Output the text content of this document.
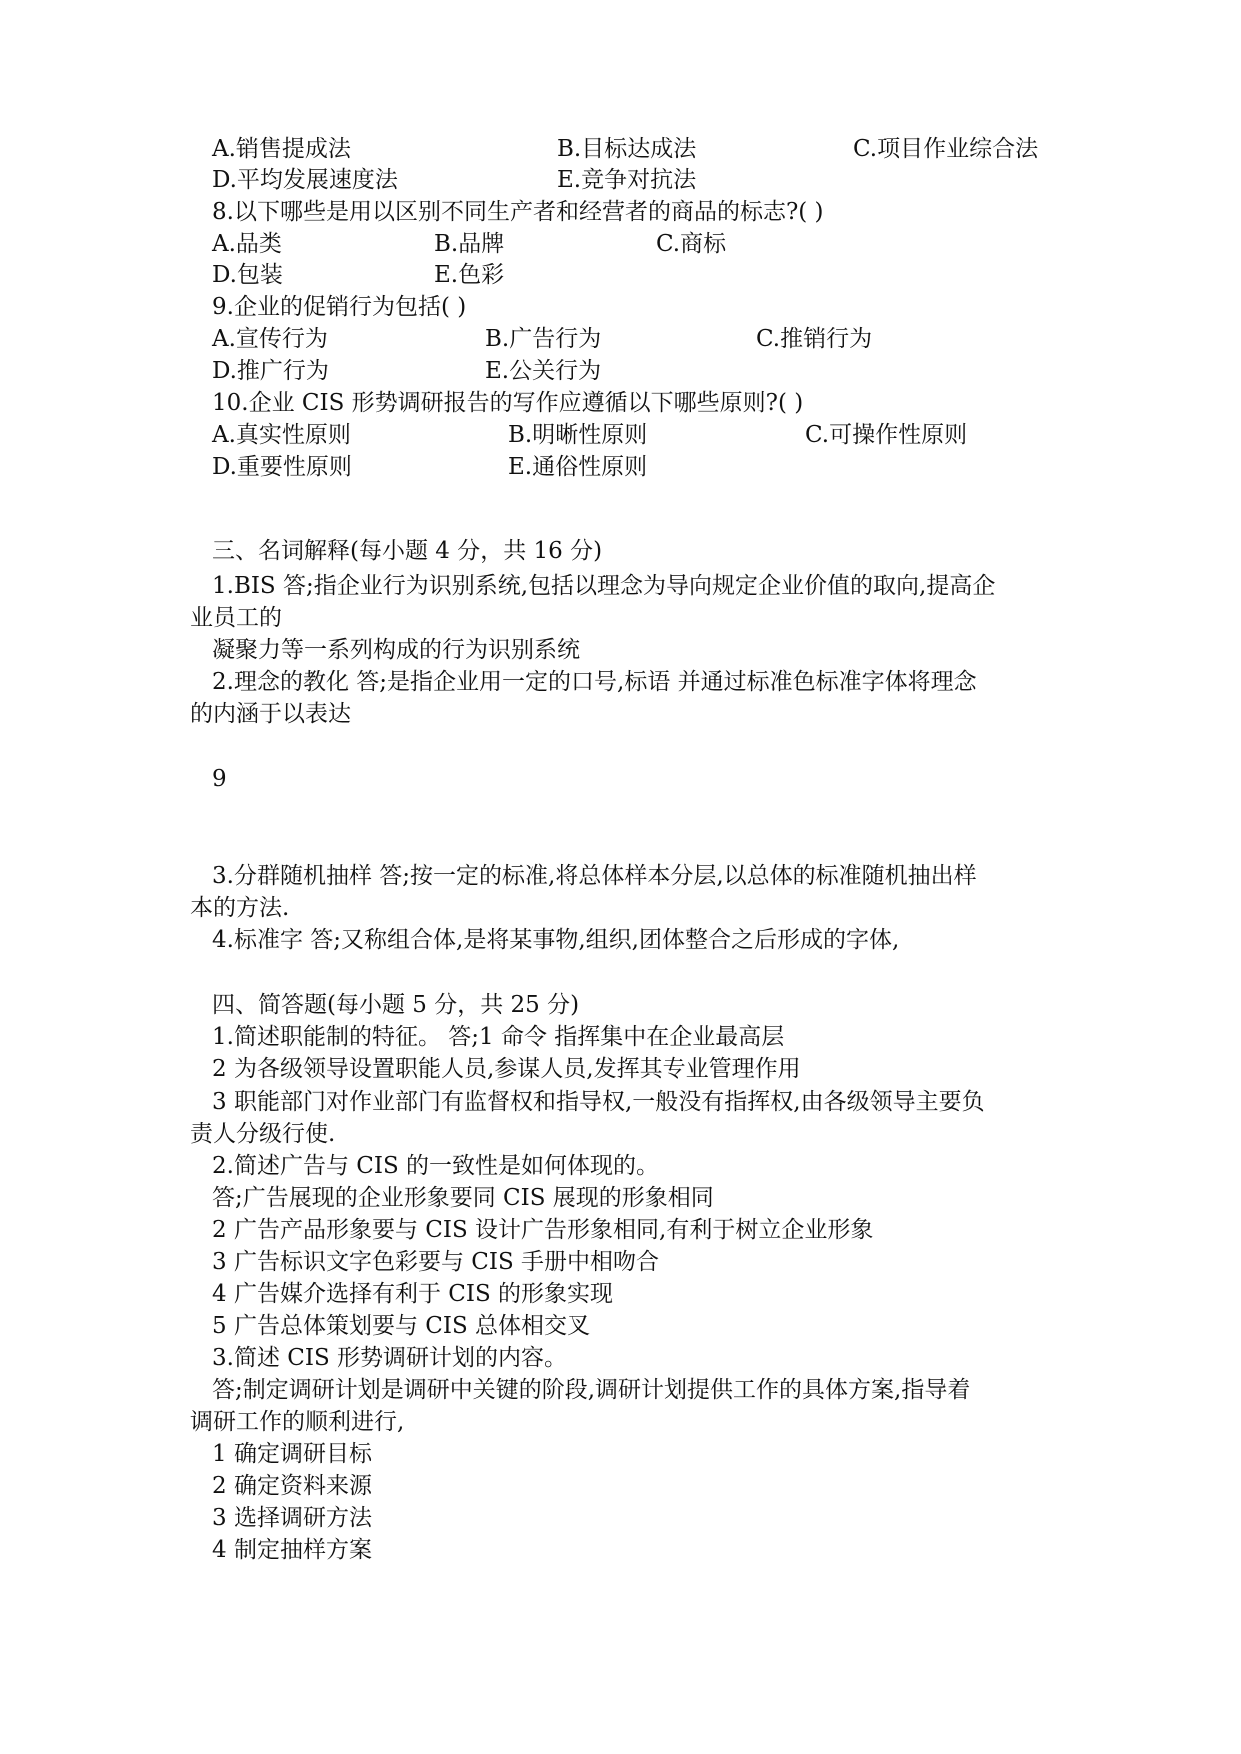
A.销售提成法	B.目标达成法	C.项目作业综合法
D.平均发展速度法	E.竞争对抗法
8.以下哪些是用以区别不同生产者和经营者的商品的标志?( )
A.品类	B.品牌	C.商标
D.包装	E.色彩
9.企业的促销行为包括( )
A.宣传行为	B.广告行为	C.推销行为
D.推广行为	E.公关行为
10.企业 CIS 形势调研报告的写作应遵循以下哪些原则?( )
A.真实性原则	B.明晰性原则	C.可操作性原则
D.重要性原则	E.通俗性原则
三、名词解释(每小题 4 分，共 16 分)
1.BIS 答;指企业行为识别系统,包括以理念为导向规定企业价值的取向,提高企
业员工的
凝聚力等一系列构成的行为识别系统
2.理念的教化 答;是指企业用一定的口号,标语 并通过标准色标准字体将理念
的内涵于以表达
9
3.分群随机抽样 答;按一定的标准,将总体样本分层,以总体的标准随机抽出样
本的方法.
4.标准字 答;又称组合体,是将某事物,组织,团体整合之后形成的字体,
四、简答题(每小题 5 分，共 25 分)
1.简述职能制的特征。 答;1 命令 指挥集中在企业最高层
2 为各级领导设置职能人员,参谋人员,发挥其专业管理作用
3 职能部门对作业部门有监督权和指导权,一般没有指挥权,由各级领导主要负
责人分级行使.
2.简述广告与 CIS 的一致性是如何体现的。
答;广告展现的企业形象要同 CIS 展现的形象相同
2 广告产品形象要与 CIS 设计广告形象相同,有利于树立企业形象
3 广告标识文字色彩要与 CIS 手册中相吻合
4 广告媒介选择有利于 CIS 的形象实现
5 广告总体策划要与 CIS 总体相交叉
3.简述 CIS 形势调研计划的内容。
答;制定调研计划是调研中关键的阶段,调研计划提供工作的具体方案,指导着
调研工作的顺利进行,
1 确定调研目标
2 确定资料来源
3 选择调研方法
4 制定抽样方案
